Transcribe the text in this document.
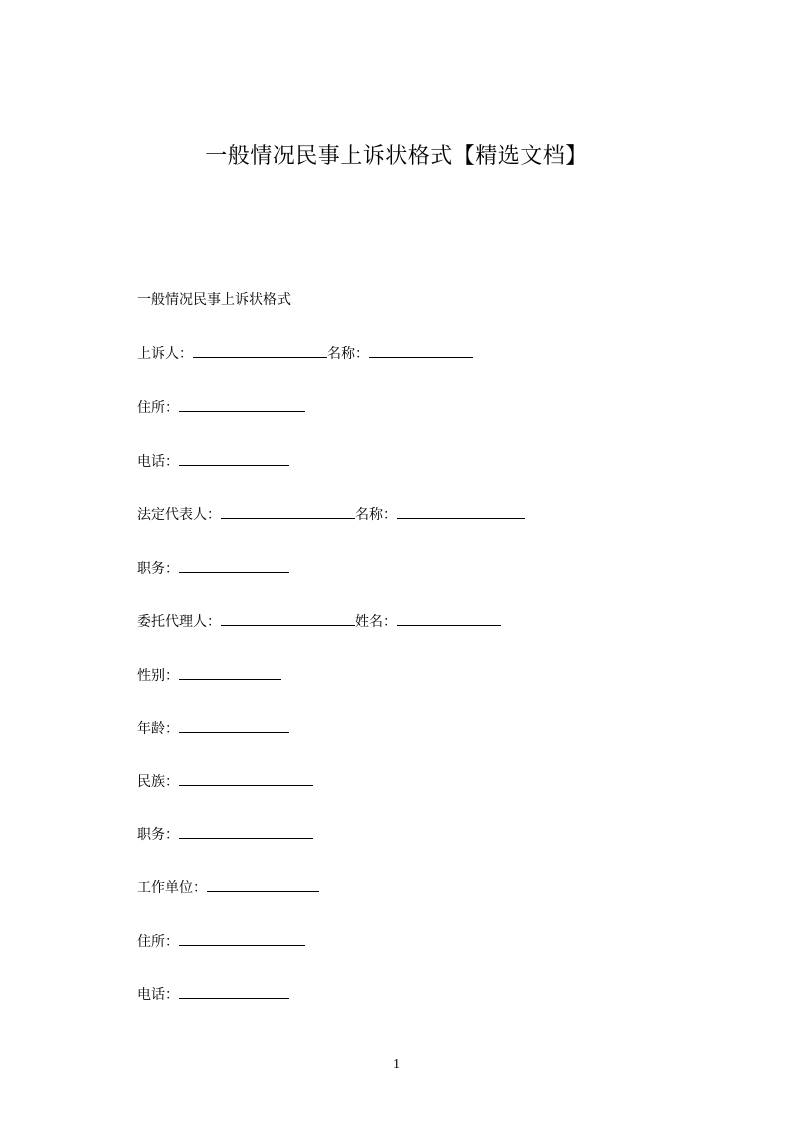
一般情况民事上诉状格式【精选文档】
一般情况民事上诉状格式
上诉人：	名称：
住所：
电话：
法定代表人：	名称：
职务：
委托代理人：	姓名：
性别：
年龄：
民族：
职务：
工作单位：
住所：
电话：
1
